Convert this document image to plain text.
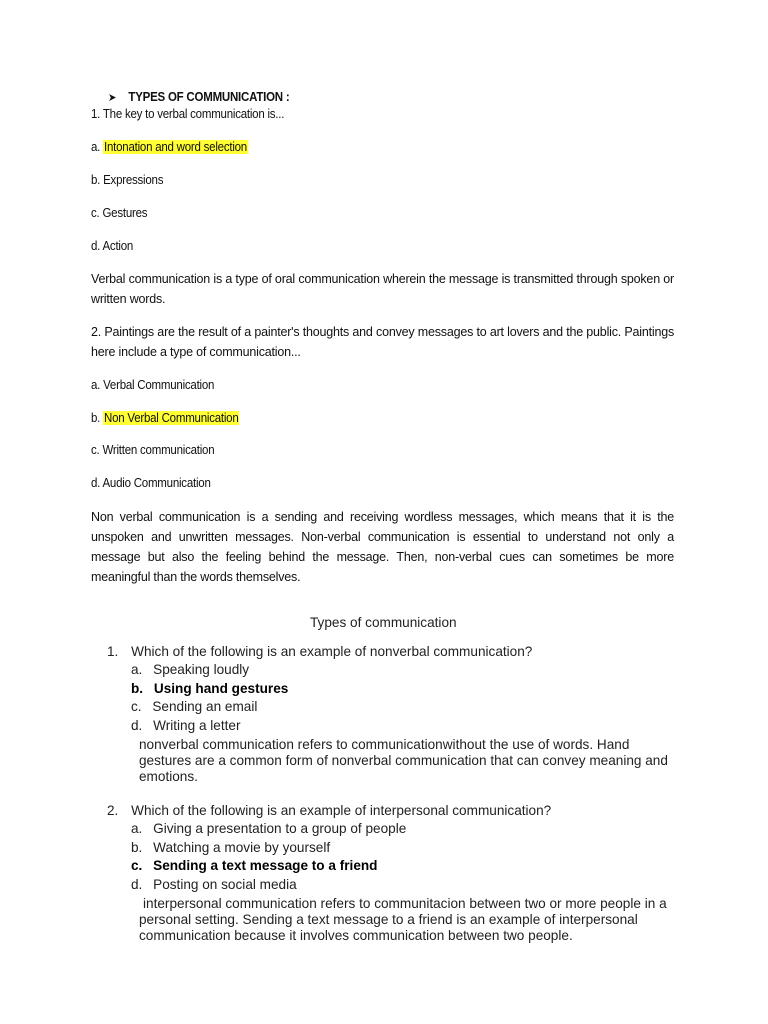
➤ TYPES OF COMMUNICATION :
1. The key to verbal communication is...
a. Intonation and word selection
b. Expressions
c. Gestures
d. Action

Verbal communication is a type of oral communication wherein the message is transmitted through spoken or written words.

2. Paintings are the result of a painter's thoughts and convey messages to art lovers and the public. Paintings here include a type of communication...

a. Verbal Communication
b. Non Verbal Communication
c. Written communication
d. Audio Communication

Non verbal communication is a sending and receiving wordless messages, which means that it is the unspoken and unwritten messages. Non-verbal communication is essential to understand not only a message but also the feeling behind the message. Then, non-verbal cues can sometimes be more meaningful than the words themselves.

Types of communication
1. Which of the following is an example of nonverbal communication?
a. Speaking loudly
b. Using hand gestures
c. Sending an email
d. Writing a letter

nonverbal communication refers to communicationwithout the use of words. Hand gestures are a common form of nonverbal communication that can convey meaning and emotions.

2. Which of the following is an example of interpersonal communication?
a. Giving a presentation to a group of people
b. Watching a movie by yourself
c. Sending a text message to a friend
d. Posting on social media

interpersonal communication refers to communitacion between two or more people in a personal setting. Sending a text message to a friend is an example of interpersonal communication because it involves communication between two people.
